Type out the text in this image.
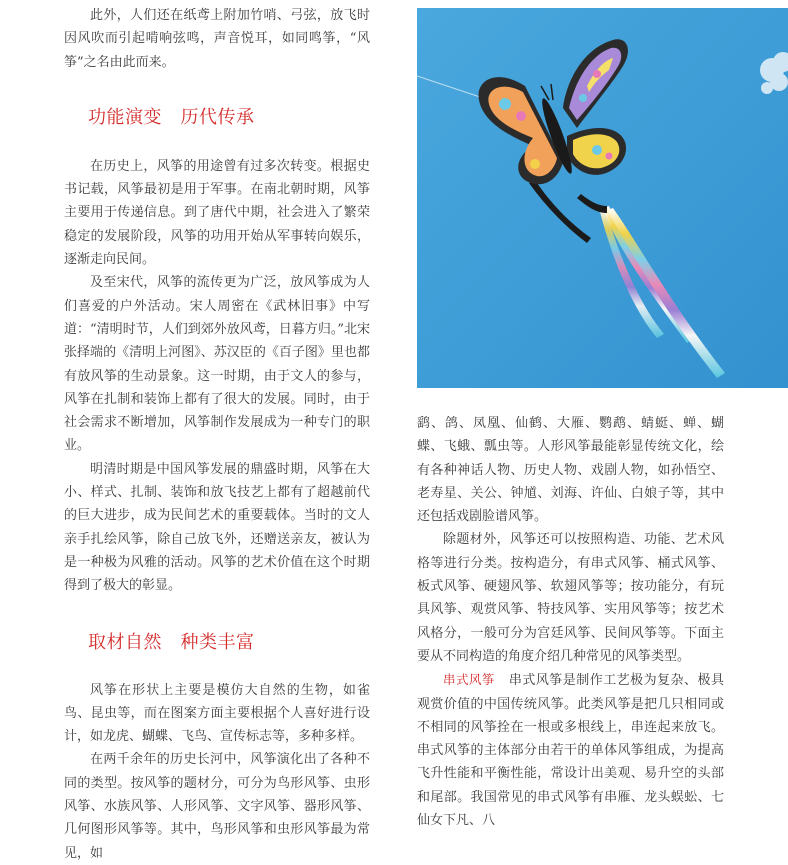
此外，人们还在纸鸢上附加竹哨、弓弦，放飞时因风吹而引起啃响弦鸣，声音悦耳，如同鸣筝，“风筝”之名由此而来。

功能演变　历代传承

在历史上，风筝的用途曾有过多次转变。根据史书记载，风筝最初是用于军事。在南北朝时期，风筝主要用于传递信息。到了唐代中期，社会进入了繁荣稳定的发展阶段，风筝的功用开始从军事转向娱乐，逐渐走向民间。

及至宋代，风筝的流传更为广泛，放风筝成为人们喜爱的户外活动。宋人周密在《武林旧事》中写道：“清明时节，人们到郊外放风鸢，日暮方归。”北宋张择端的《清明上河图》、苏汉臣的《百子图》里也都有放风筝的生动景象。这一时期，由于文人的参与，风筝在扎制和装饰上都有了很大的发展。同时，由于社会需求不断增加，风筝制作发展成为一种专门的职业。

明清时期是中国风筝发展的鼎盛时期，风筝在大小、样式、扎制、装饰和放飞技艺上都有了超越前代的巨大进步，成为民间艺术的重要载体。当时的文人亲手扎绘风筝，除自己放飞外，还赠送亲友，被认为是一种极为风雅的活动。风筝的艺术价值在这个时期得到了极大的彰显。

取材自然　种类丰富

风筝在形状上主要是模仿大自然的生物，如雀鸟、昆虫等，而在图案方面主要根据个人喜好进行设计，如龙虎、蝴蝶、飞鸟、宣传标志等，多种多样。

在两千余年的历史长河中，风筝演化出了各种不同的类型。按风筝的题材分，可分为鸟形风筝、虫形风筝、水族风筝、人形风筝、文字风筝、器形风筝、几何图形风筝等。其中，鸟形风筝和虫形风筝最为常见，如

鹞、鸽、凤凰、仙鹤、大雁、鹦鹉、蜻蜓、蝉、蝴蝶、飞蛾、瓢虫等。人形风筝最能彰显传统文化，绘有各种神话人物、历史人物、戏剧人物，如孙悟空、老寿星、关公、钟馗、刘海、许仙、白娘子等，其中还包括戏剧脸谱风筝。

除题材外，风筝还可以按照构造、功能、艺术风格等进行分类。按构造分，有串式风筝、桶式风筝、板式风筝、硬翅风筝、软翅风筝等；按功能分，有玩具风筝、观赏风筝、特技风筝、实用风筝等；按艺术风格分，一般可分为宫廷风筝、民间风筝等。下面主要从不同构造的角度介绍几种常见的风筝类型。

串式风筝 串式风筝是制作工艺极为复杂、极具观赏价值的中国传统风筝。此类风筝是把几只相同或不相同的风筝拴在一根或多根线上，串连起来放飞。串式风筝的主体部分由若干的单体风筝组成，为提高飞升性能和平衡性能，常设计出美观、易升空的头部和尾部。我国常见的串式风筝有串雁、龙头蜈蚣、七仙女下凡、八
